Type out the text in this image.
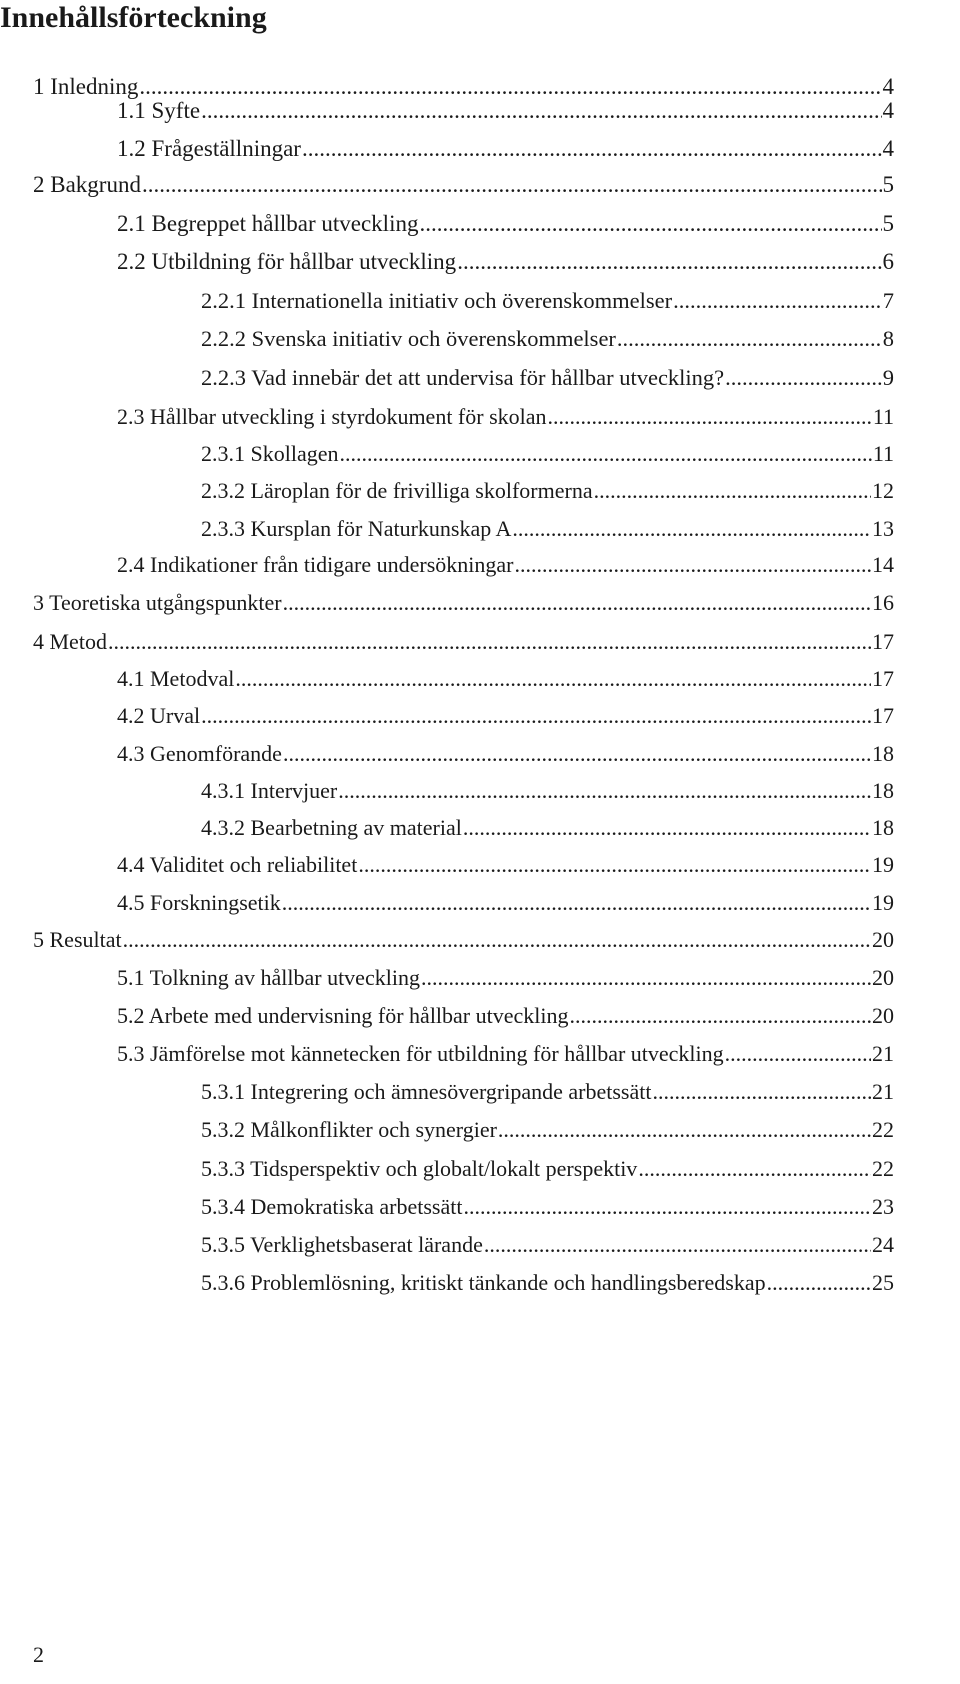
Innehållsförteckning
1 Inledning .....	4
1.1 Syfte .....	4
1.2 Frågeställningar .....	4
2 Bakgrund .....	5
2.1 Begreppet hållbar utveckling .....	5
2.2 Utbildning för hållbar utveckling .....	6
2.2.1 Internationella initiativ och överenskommelser .....	7
2.2.2 Svenska initiativ och överenskommelser .....	8
2.2.3 Vad innebär det att undervisa för hållbar utveckling? .....	9
2.3 Hållbar utveckling i styrdokument för skolan .....	11
2.3.1 Skollagen .....	11
2.3.2 Läroplan för de frivilliga skolformerna .....	12
2.3.3 Kursplan för Naturkunskap A .....	13
2.4 Indikationer från tidigare undersökningar .....	14
3 Teoretiska utgångspunkter .....	16
4 Metod .....	17
4.1 Metodval .....	17
4.2 Urval .....	17
4.3 Genomförande .....	18
4.3.1 Intervjuer .....	18
4.3.2 Bearbetning av material .....	18
4.4 Validitet och reliabilitet .....	19
4.5 Forskningsetik .....	19
5 Resultat .....	20
5.1 Tolkning av hållbar utveckling .....	20
5.2 Arbete med undervisning för hållbar utveckling .....	20
5.3 Jämförelse mot kännetecken för utbildning för hållbar utveckling .....	21
5.3.1 Integrering och ämnesövergripande arbetssätt .....	21
5.3.2 Målkonflikter och synergier .....	22
5.3.3 Tidsperspektiv och globalt/lokalt perspektiv .....	22
5.3.4 Demokratiska arbetssätt .....	23
5.3.5 Verklighetsbaserat lärande .....	24
5.3.6 Problemlösning, kritiskt tänkande och handlingsberedskap .....	25
2
